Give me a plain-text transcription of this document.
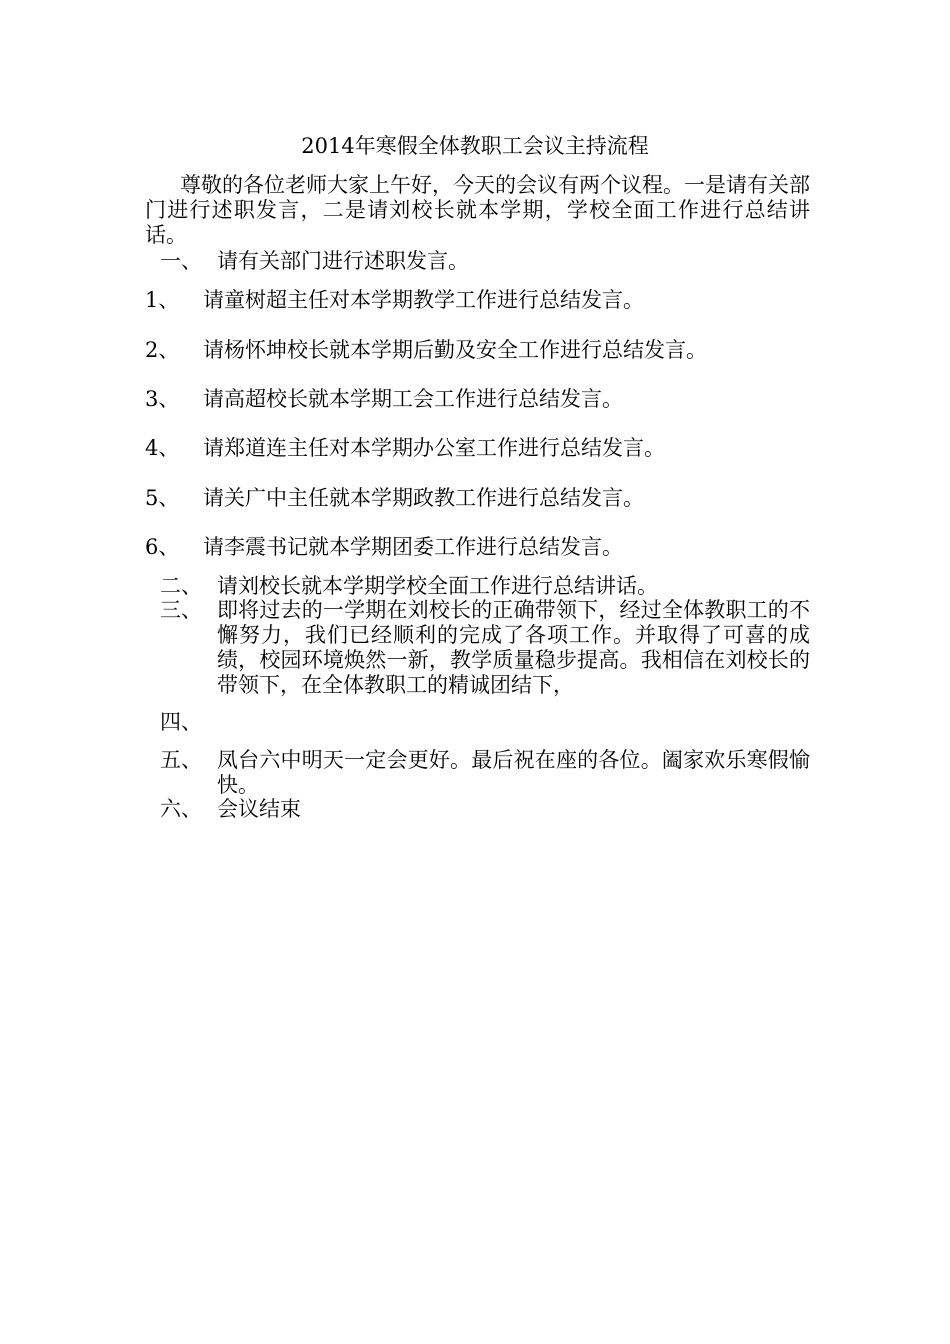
2014年寒假全体教职工会议主持流程
尊敬的各位老师大家上午好，今天的会议有两个议程。一是请有关部门进行述职发言，二是请刘校长就本学期，学校全面工作进行总结讲话。
一、 请有关部门进行述职发言。
1、 请童树超主任对本学期教学工作进行总结发言。
2、 请杨怀坤校长就本学期后勤及安全工作进行总结发言。
3、 请高超校长就本学期工会工作进行总结发言。
4、 请郑道连主任对本学期办公室工作进行总结发言。
5、 请关广中主任就本学期政教工作进行总结发言。
6、 请李震书记就本学期团委工作进行总结发言。
二、 请刘校长就本学期学校全面工作进行总结讲话。
三、 即将过去的一学期在刘校长的正确带领下，经过全体教职工的不懈努力，我们已经顺利的完成了各项工作。并取得了可喜的成绩，校园环境焕然一新，教学质量稳步提高。我相信在刘校长的带领下，在全体教职工的精诚团结下，
四、
五、 凤台六中明天一定会更好。最后祝在座的各位。阖家欢乐寒假愉快。
六、 会议结束
